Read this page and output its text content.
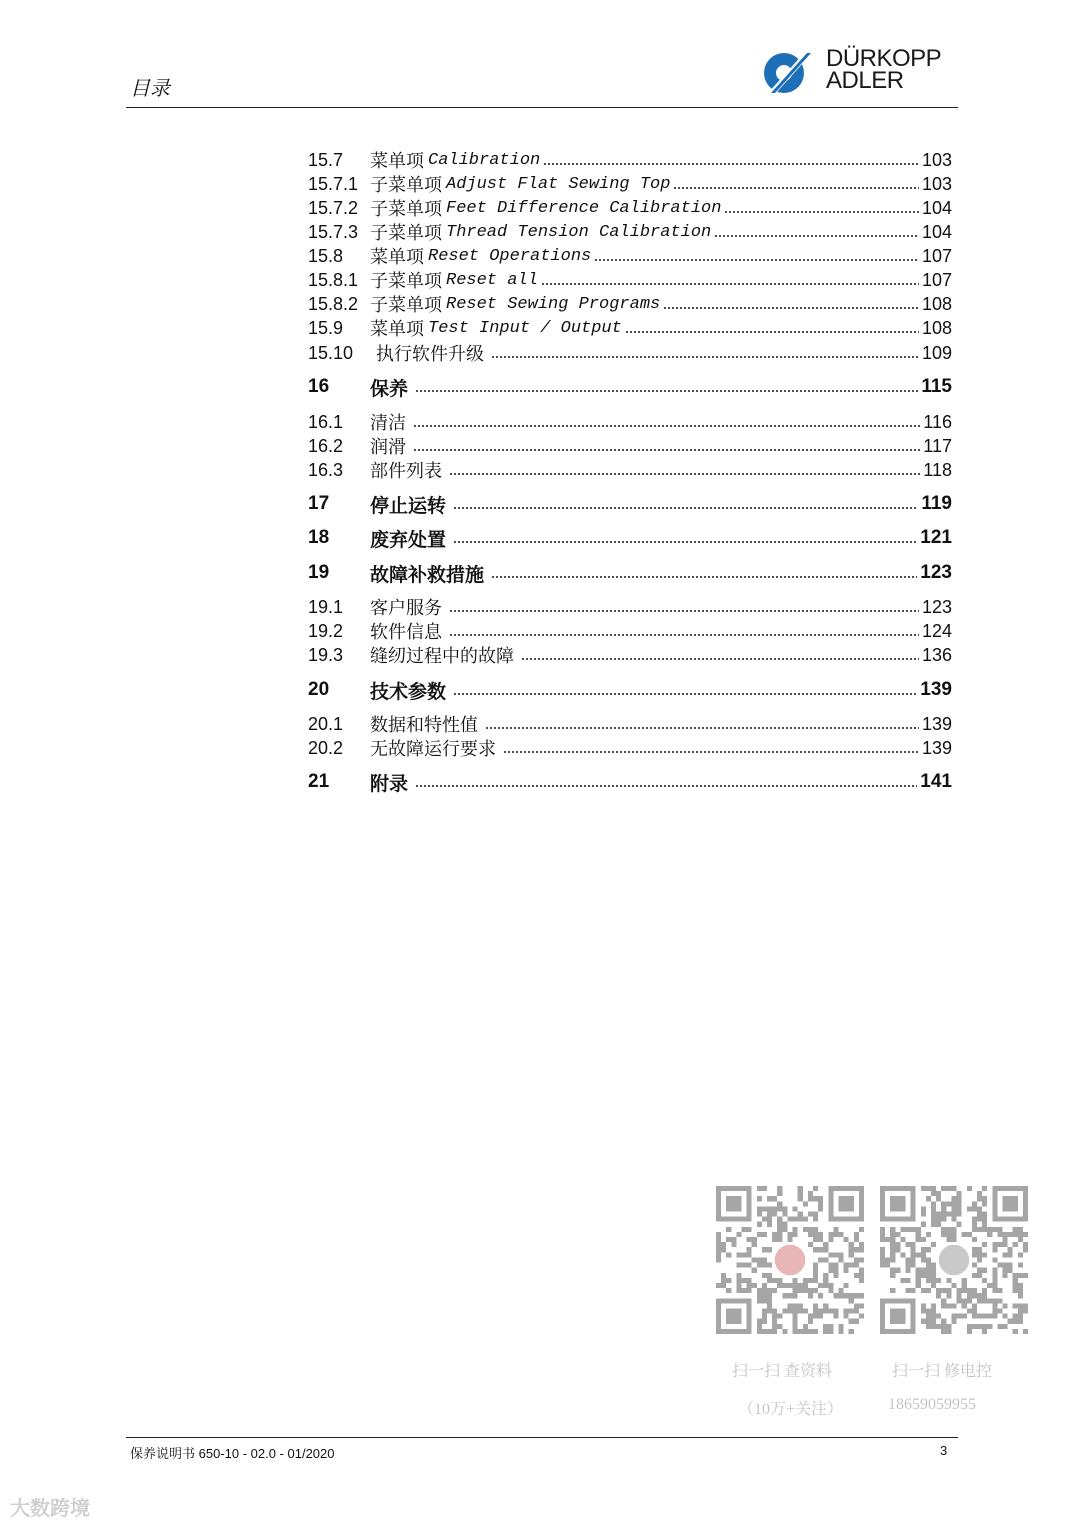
目录
DÜRKOPP
ADLER
15.7	菜单项 Calibration	103
15.7.1 子菜单项 Adjust Flat Sewing Top	103
15.7.2 子菜单项 Feet Difference Calibration	104
15.7.3 子菜单项 Thread Tension Calibration	104
15.8	菜单项 Reset Operations	107
15.8.1 子菜单项 Reset all	107
15.8.2 子菜单项 Reset Sewing Programs	108
15.9	菜单项 Test Input / Output	108
15.10	执行软件升级	109
16	保养	115
16.1	清洁	116
16.2	润滑	117
16.3	部件列表	118
17	停止运转	119
18	废弃处置	121
19	故障补救措施	123
19.1	客户服务	123
19.2	软件信息	124
19.3	缝纫过程中的故障	136
20	技术参数	139
20.1	数据和特性值	139
20.2	无故障运行要求	139
21	附录	141
扫一扫 查资料
（10万+关注）
扫一扫 修电控
18659059955
保养说明书 650-10 - 02.0 - 01/2020	3
大数跨境
